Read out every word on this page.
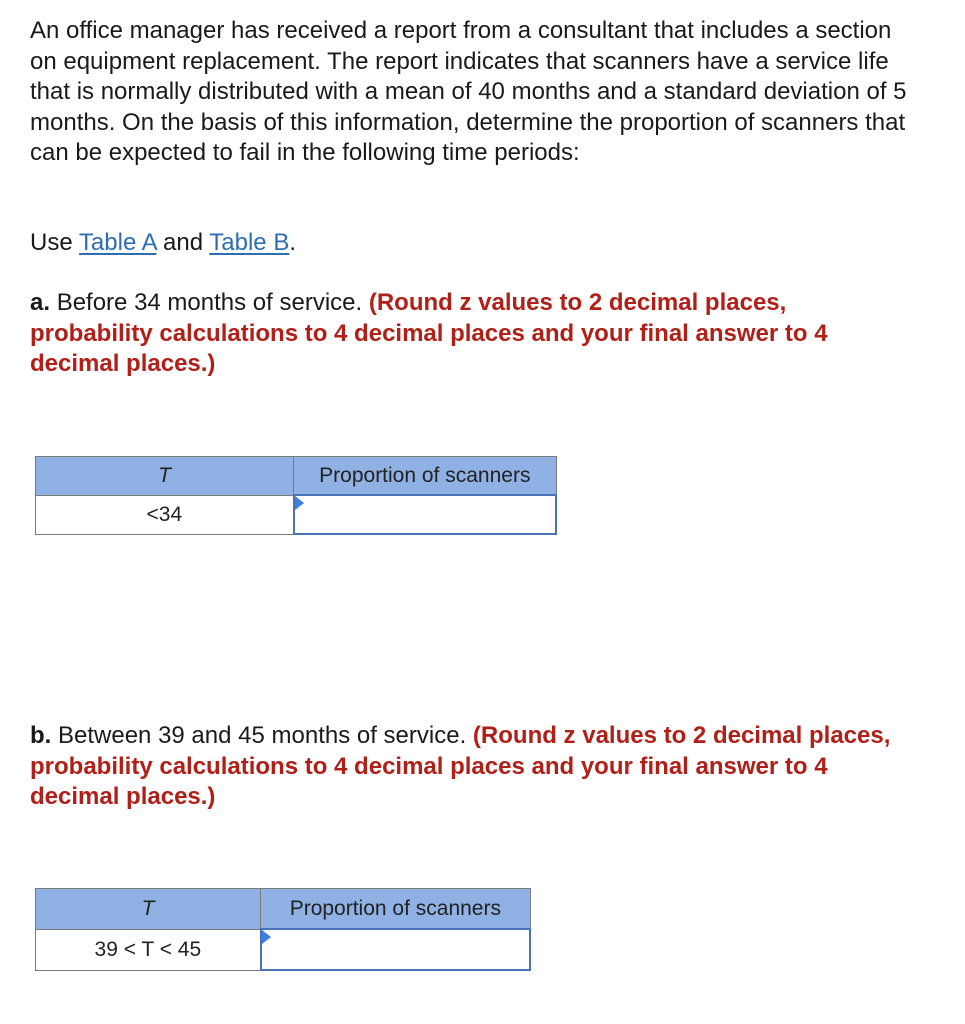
An office manager has received a report from a consultant that includes a section on equipment replacement. The report indicates that scanners have a service life that is normally distributed with a mean of 40 months and a standard deviation of 5 months. On the basis of this information, determine the proportion of scanners that can be expected to fail in the following time periods:

Use Table A and Table B.

a. Before 34 months of service. (Round z values to 2 decimal places, probability calculations to 4 decimal places and your final answer to 4 decimal places.)

T	Proportion of scanners
<34	

b. Between 39 and 45 months of service. (Round z values to 2 decimal places, probability calculations to 4 decimal places and your final answer to 4 decimal places.)

T	Proportion of scanners
39 < T < 45	
